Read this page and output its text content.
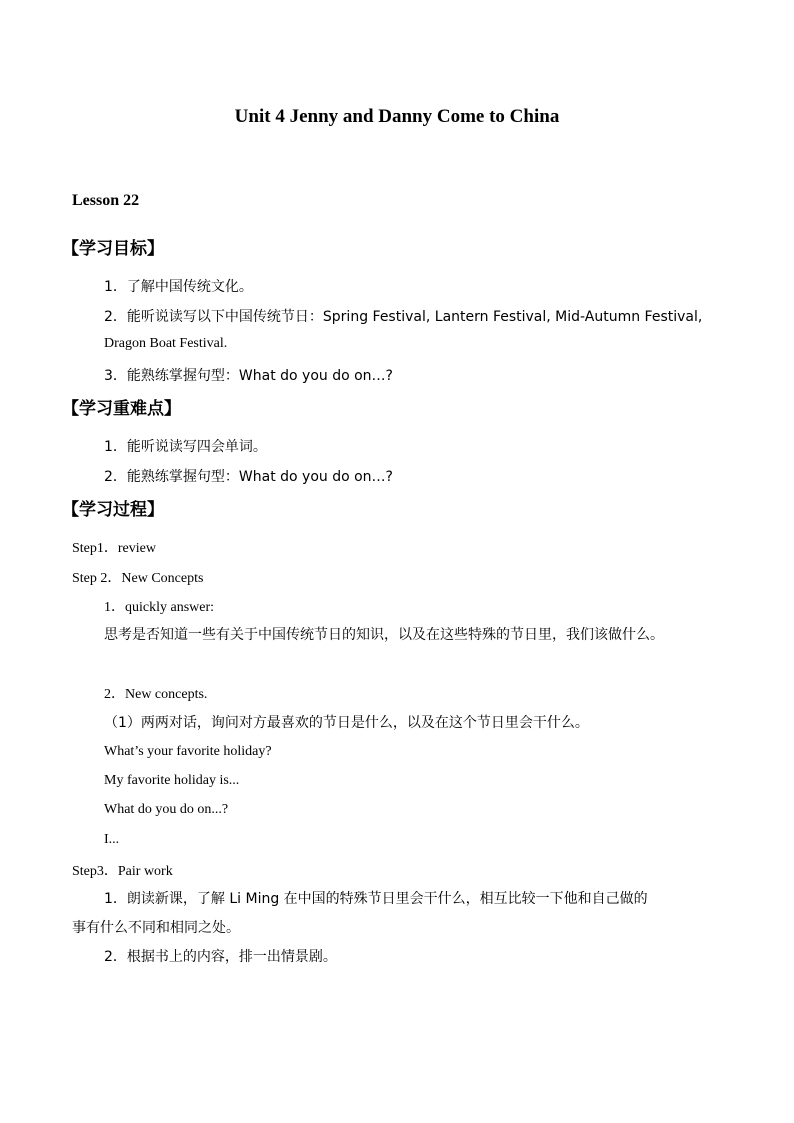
Unit 4 Jenny and Danny Come to China
Lesson 22
【学习目标】
1．了解中国传统文化。
2．能听说读写以下中国传统节日：Spring Festival, Lantern Festival, Mid-Autumn Festival,
Dragon Boat Festival.
3．能熟练掌握句型：What do you do on…?
【学习重难点】
1．能听说读写四会单词。
2．能熟练掌握句型：What do you do on…?
【学习过程】
Step1．review
Step 2．New Concepts
1．quickly answer:
思考是否知道一些有关于中国传统节日的知识，以及在这些特殊的节日里，我们该做什么。
2．New concepts.
（1）两两对话，询问对方最喜欢的节日是什么，以及在这个节日里会干什么。
What’s your favorite holiday?
My favorite holiday is...
What do you do on...?
I...
Step3．Pair work
1．朗读新课，了解 Li Ming 在中国的特殊节日里会干什么，相互比较一下他和自己做的
事有什么不同和相同之处。
2．根据书上的内容，排一出情景剧。
